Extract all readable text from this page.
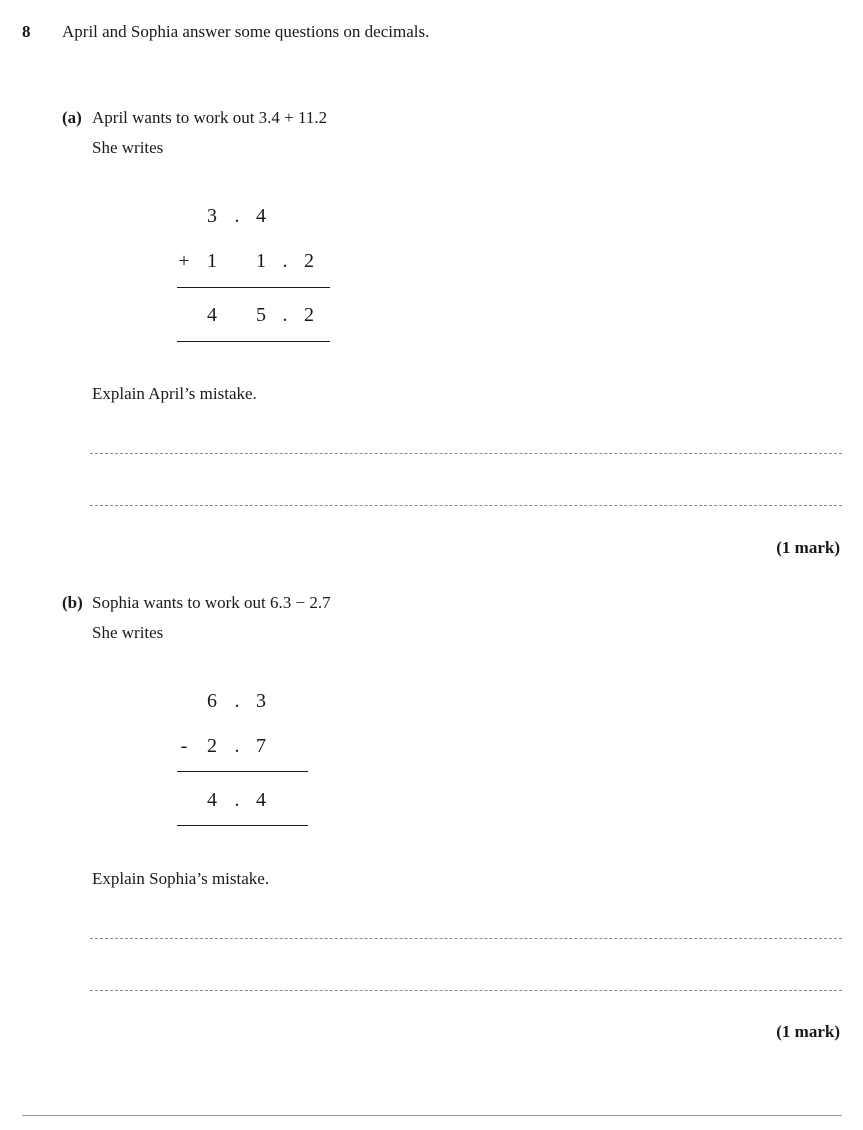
8 April and Sophia answer some questions on decimals.
(a) April wants to work out 3.4 + 11.2
She writes
3 . 4
+ 1	1 . 2
4	5 . 2
Explain April’s mistake.
(1 mark)
(b) Sophia wants to work out 6.3 − 2.7
She writes
6 . 3
- 2 . 7
4 . 4
Explain Sophia’s mistake.
(1 mark)
